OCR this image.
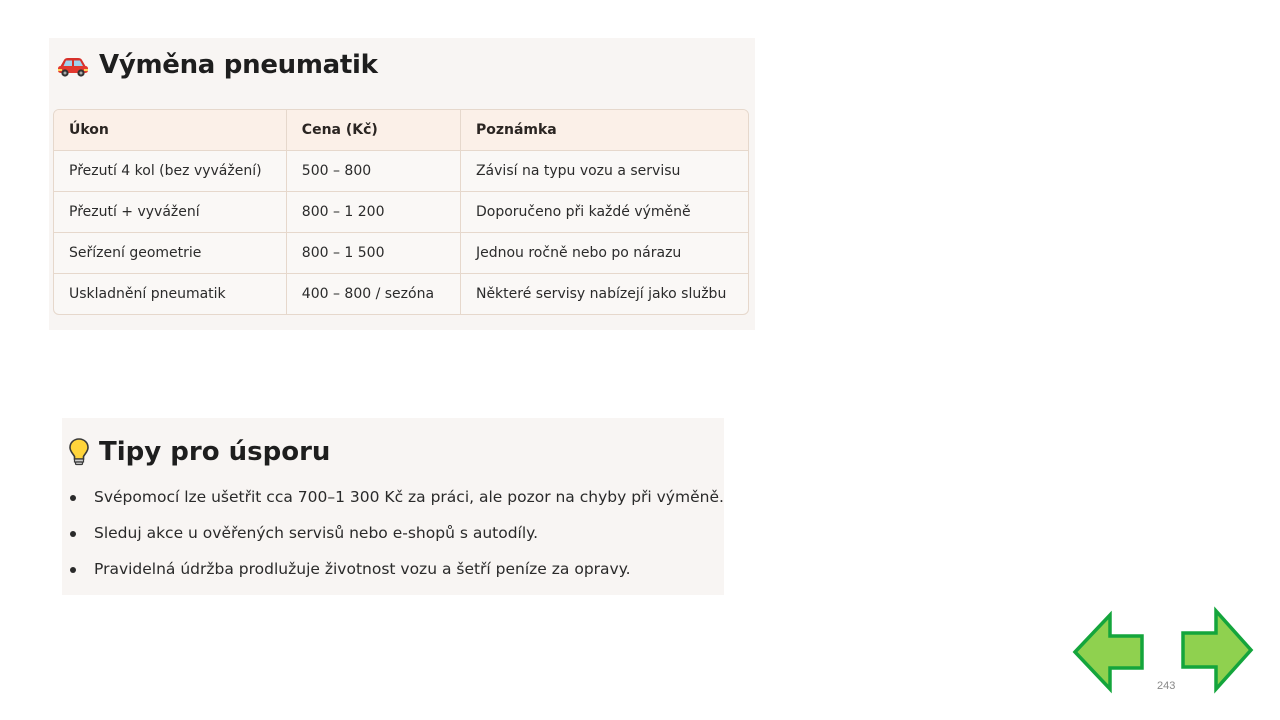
Výměna pneumatik
Úkon	Cena (Kč)	Poznámka
Přezutí 4 kol (bez vyvážení)	500 – 800	Závisí na typu vozu a servisu
Přezutí + vyvážení	800 – 1 200	Doporučeno při každé výměně
Seřízení geometrie	800 – 1 500	Jednou ročně nebo po nárazu
Uskladnění pneumatik	400 – 800 / sezóna	Některé servisy nabízejí jako službu
Tipy pro úsporu
Svépomocí lze ušetřit cca 700–1 300 Kč za práci, ale pozor na chyby při výměně.
Sleduj akce u ověřených servisů nebo e-shopů s autodíly.
Pravidelná údržba prodlužuje životnost vozu a šetří peníze za opravy.
243
